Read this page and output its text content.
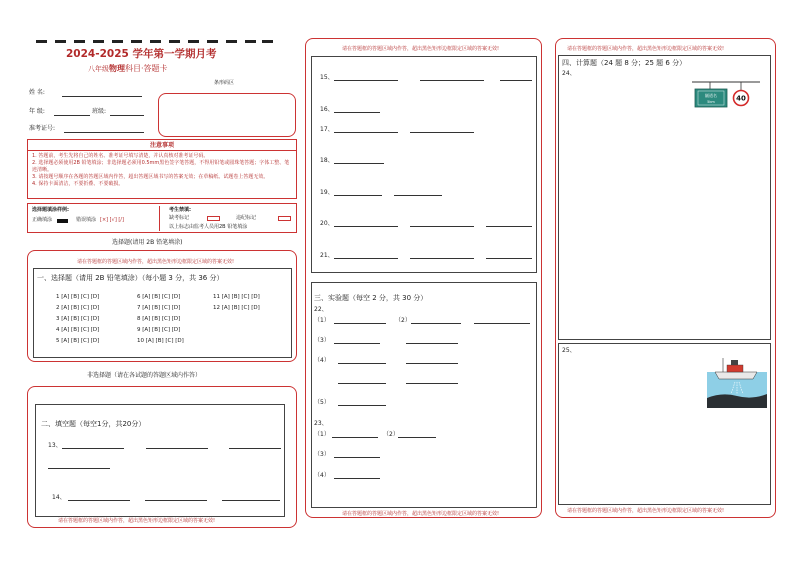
2024-2025 学年第一学期月考
八年级物理科目·答题卡
姓 名:
年 级:	班级:
准考证号:
条形码区
注意事项
1. 答题前，考生先将自己的姓名、准考证号填写清楚，并认真核对准考证号码。
2. 选择题必须使用2B 铅笔填涂；非选择题必须用0.5mm黑色签字笔答题，不得用铅笔或圆珠笔答题；字体工整、笔迹清晰。
3. 请按题号顺序在各题的答题区域内作答，超出答题区域书写的答案无效；在草稿纸、试题卷上答题无效。
4. 保持卡面清洁，不要折叠、不要破损。
选择题填涂样例:
正确填涂	错误填涂 [×] [√] [/]
考生禁填:
缺考标记	违纪标记
以上标志由监考人员用2B 铅笔填涂
选择题(请用 2B 铅笔填涂)
请在答题框的答题区域内作答，超出黑色矩形边框限定区域的答案无效!
一、选择题（请用 2B 铅笔填涂）（每小题 3 分，共 36 分）
1 [A] [B] [C] [D]
2 [A] [B] [C] [D]
3 [A] [B] [C] [D]
4 [A] [B] [C] [D]
5 [A] [B] [C] [D]
6 [A] [B] [C] [D]
7 [A] [B] [C] [D]
8 [A] [B] [C] [D]
9 [A] [B] [C] [D]
10 [A] [B] [C] [D]
11 [A] [B] [C] [D]
12 [A] [B] [C] [D]
非选择题（请在各试题的答题区域内作答）
二、填空题（每空1分，共20分）
13、
14、
请在答题框的答题区域内作答，超出黑色矩形边框限定区域的答案无效!
请在答题框的答题区域内作答，超出黑色矩形边框限定区域的答案无效!
15、
16、
17、
18、
19、
20、
21、
三、实验题（每空 2 分，共 30 分）
22、
（1）	（2）
（3）
（4）
（5）
23、
（1）	（2）
（3）
（4）
请在答题框的答题区域内作答，超出黑色矩形边框限定区域的答案无效!
请在答题框的答题区域内作答，超出黑色矩形边框限定区域的答案无效!
四、计算题（24 题 8 分；25 题 6 分）
24、
隧道名
5km	40
25、
请在答题框的答题区域内作答，超出黑色矩形边框限定区域的答案无效!
